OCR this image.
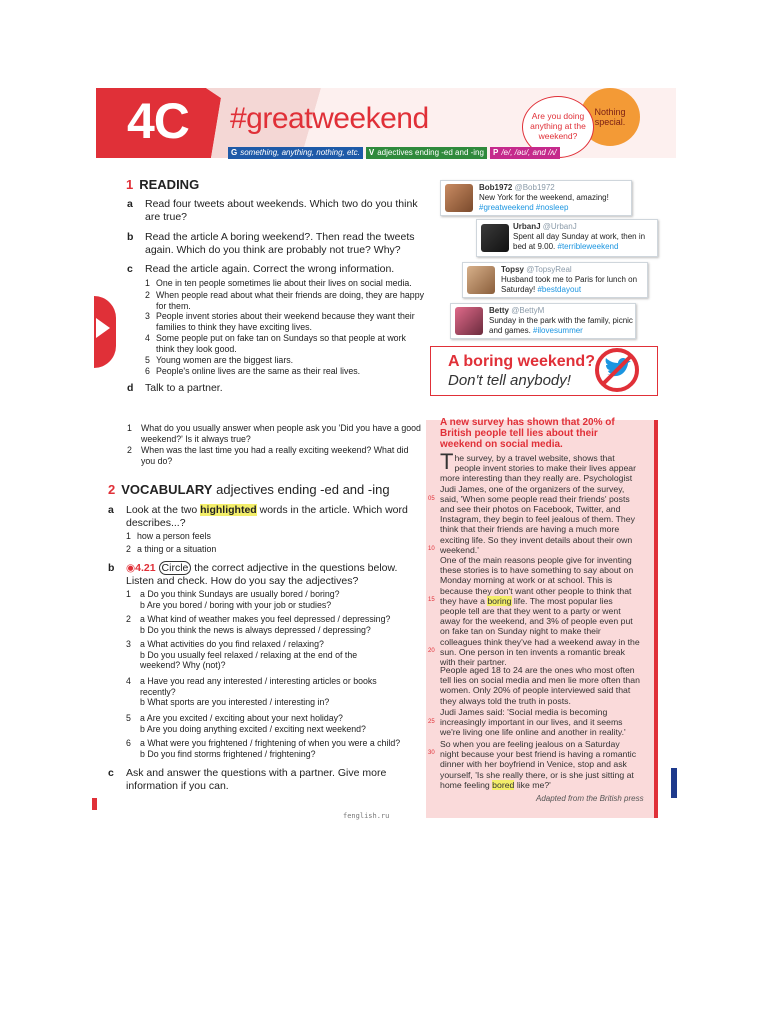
4C #greatweekend	Nothing special.
Are you doing anything at the weekend?
G something, anything, nothing, etc.	V adjectives ending -ed and -ing	P /e/, /əʊ/, and /ʌ/
1 READING
a Read four tweets about weekends. Which two do you think are true?
b Read the article A boring weekend?. Then read the tweets again. Which do you think are probably not true? Why?
c Read the article again. Correct the wrong information.
1 One in ten people sometimes lie about their lives on social media.
2 When people read about what their friends are doing, they are happy for them.
3 People invent stories about their weekend because they want their families to think they have exciting lives.
4 Some people put on fake tan on Sundays so that people at work think they look good.
5 Young women are the biggest liars.
6 People's online lives are the same as their real lives.
d Talk to a partner.
1 What do you usually answer when people ask you 'Did you have a good weekend?' Is it always true?
2 When was the last time you had a really exciting weekend? What did you do?
Bob1972 @Bob1972
New York for the weekend, amazing!
#greatweekend #nosleep
UrbanJ @UrbanJ
Spent all day Sunday at work, then in bed at 9.00. #terribleweekend
Topsy @TopsyReal
Husband took me to Paris for lunch on Saturday! #bestdayout
Betty @BettyM
Sunday in the park with the family, picnic and games. #ilovesummer
A boring weekend?
Don't tell anybody!
A new survey has shown that 20% of British people tell lies about their weekend on social media.
The survey, by a travel website, shows that people invent stories to make their lives appear more interesting than they really are. Psychologist Judi James, one of the organizers of the survey, said, 'When some people read their friends' posts and see their photos on Facebook, Twitter, and Instagram, they begin to feel jealous of them. They think that their friends are having a much more exciting life. So they invent details about their own weekend.'
One of the main reasons people give for inventing these stories is to have something to say about on Monday morning at work or at school. This is because they don't want other people to think that they have a boring life. The most popular lies people tell are that they went to a party or went away for the weekend, and 3% of people even put on fake tan on Sunday night to make their colleagues think they've had a weekend away in the sun. One person in ten invents a romantic break with their partner.
People aged 18 to 24 are the ones who most often tell lies on social media and men lie more often than women. Only 20% of people interviewed said that they always told the truth in posts.
Judi James said: 'Social media is becoming increasingly important in our lives, and it seems we're living one life online and another in reality.'
So when you are feeling jealous on a Saturday night because your best friend is having a romantic dinner with her boyfriend in Venice, stop and ask yourself, 'Is she really there, or is she just sitting at home feeling bored like me?'
05
10
15
20
25
30
Adapted from the British press
2 VOCABULARY adjectives ending -ed and -ing
a Look at the two highlighted words in the article. Which word describes...?
1 how a person feels
2 a thing or a situation
b ◉4.21 Circle the correct adjective in the questions below. Listen and check. How do you say the adjectives?
1 a Do you think Sundays are usually bored / boring?
b Are you bored / boring with your job or studies?
2 a What kind of weather makes you feel depressed / depressing?
b Do you think the news is always depressed / depressing?
3 a What activities do you find relaxed / relaxing?
b Do you usually feel relaxed / relaxing at the end of the weekend? Why (not)?
4 a Have you read any interested / interesting articles or books recently?
b What sports are you interested / interesting in?
5 a Are you excited / exciting about your next holiday?
b Are you doing anything excited / exciting next weekend?
6 a What were you frightened / frightening of when you were a child?
b Do you find storms frightened / frightening?
c Ask and answer the questions with a partner. Give more information if you can.
fenglish.ru
